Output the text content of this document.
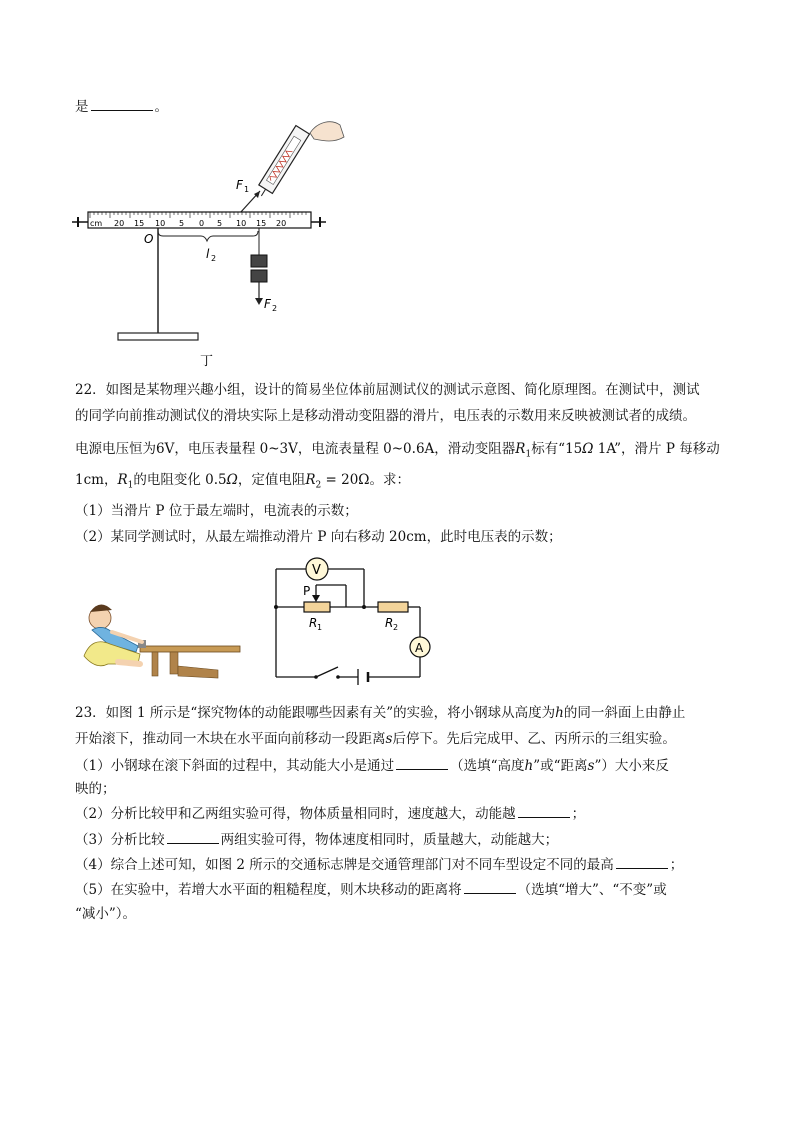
是	。
cm 20 15 10 5 0 5 10 15 20
F 1
O
l 2
F 2
丁
22．如图是某物理兴趣小组，设计的简易坐位体前屈测试仪的测试示意图、简化原理图。在测试中，测试
的同学向前推动测试仪的滑块实际上是移动滑动变阻器的滑片，电压表的示数用来反映被测试者的成绩。
电源电压恒为6V，电压表量程 0~3V，电流表量程 0~0.6A，滑动变阻器$R_1$标有“15Ω 1A”，滑片 P 每移动
1cm，$R_1$的电阻变化 0.5Ω，定值电阻$R_2 = 20\Omega$。求：
（1）当滑片 P 位于最左端时，电流表的示数；
（2）某同学测试时，从最左端推动滑片 P 向右移动 20cm，此时电压表的示数；
V
P
R 1	R 2
A
23．如图 1 所示是“探究物体的动能跟哪些因素有关”的实验，将小钢球从高度为h的同一斜面上由静止
开始滚下，推动同一木块在水平面向前移动一段距离s后停下。先后完成甲、乙、丙所示的三组实验。
（1）小钢球在滚下斜面的过程中，其动能大小是通过	（选填“高度h”或“距离s”）大小来反
映的；
（2）分析比较甲和乙两组实验可得，物体质量相同时，速度越大，动能越	；
（3）分析比较	两组实验可得，物体速度相同时，质量越大，动能越大；
（4）综合上述可知，如图 2 所示的交通标志牌是交通管理部门对不同车型设定不同的最高	；
（5）在实验中，若增大水平面的粗糙程度，则木块移动的距离将	（选填“增大”、“不变”或
“减小”）。
